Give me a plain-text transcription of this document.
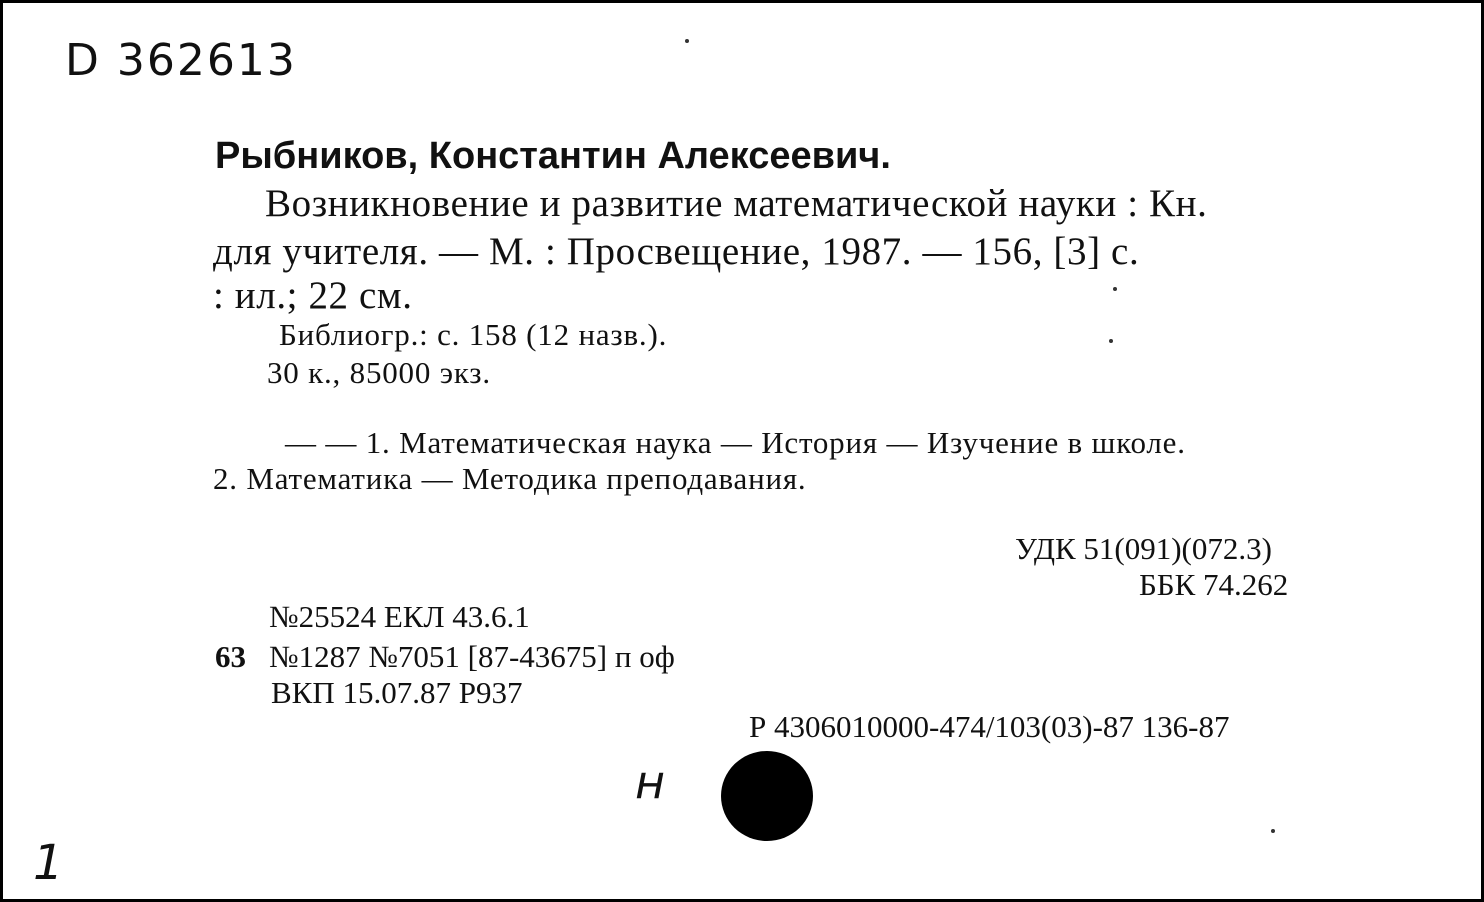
D 362613
Рыбников, Константин Алексеевич.
Возникновение и развитие математической науки : Кн.
для учителя. — М. : Просвещение, 1987. — 156, [3] с.
: ил.; 22 см.
Библиогр.: с. 158 (12 назв.).
30 к., 85000 экз.
— — 1. Математическая наука — История — Изучение в школе.
2. Математика — Методика преподавания.
УДК 51(091)(072.3)
ББК 74.262
№25524 ЕКЛ 43.6.1
63 №1287 №7051 [87-43675] п оф
ВКП 15.07.87 Р937
Р 4306010000-474/103(03)-87 136-87
н
1
